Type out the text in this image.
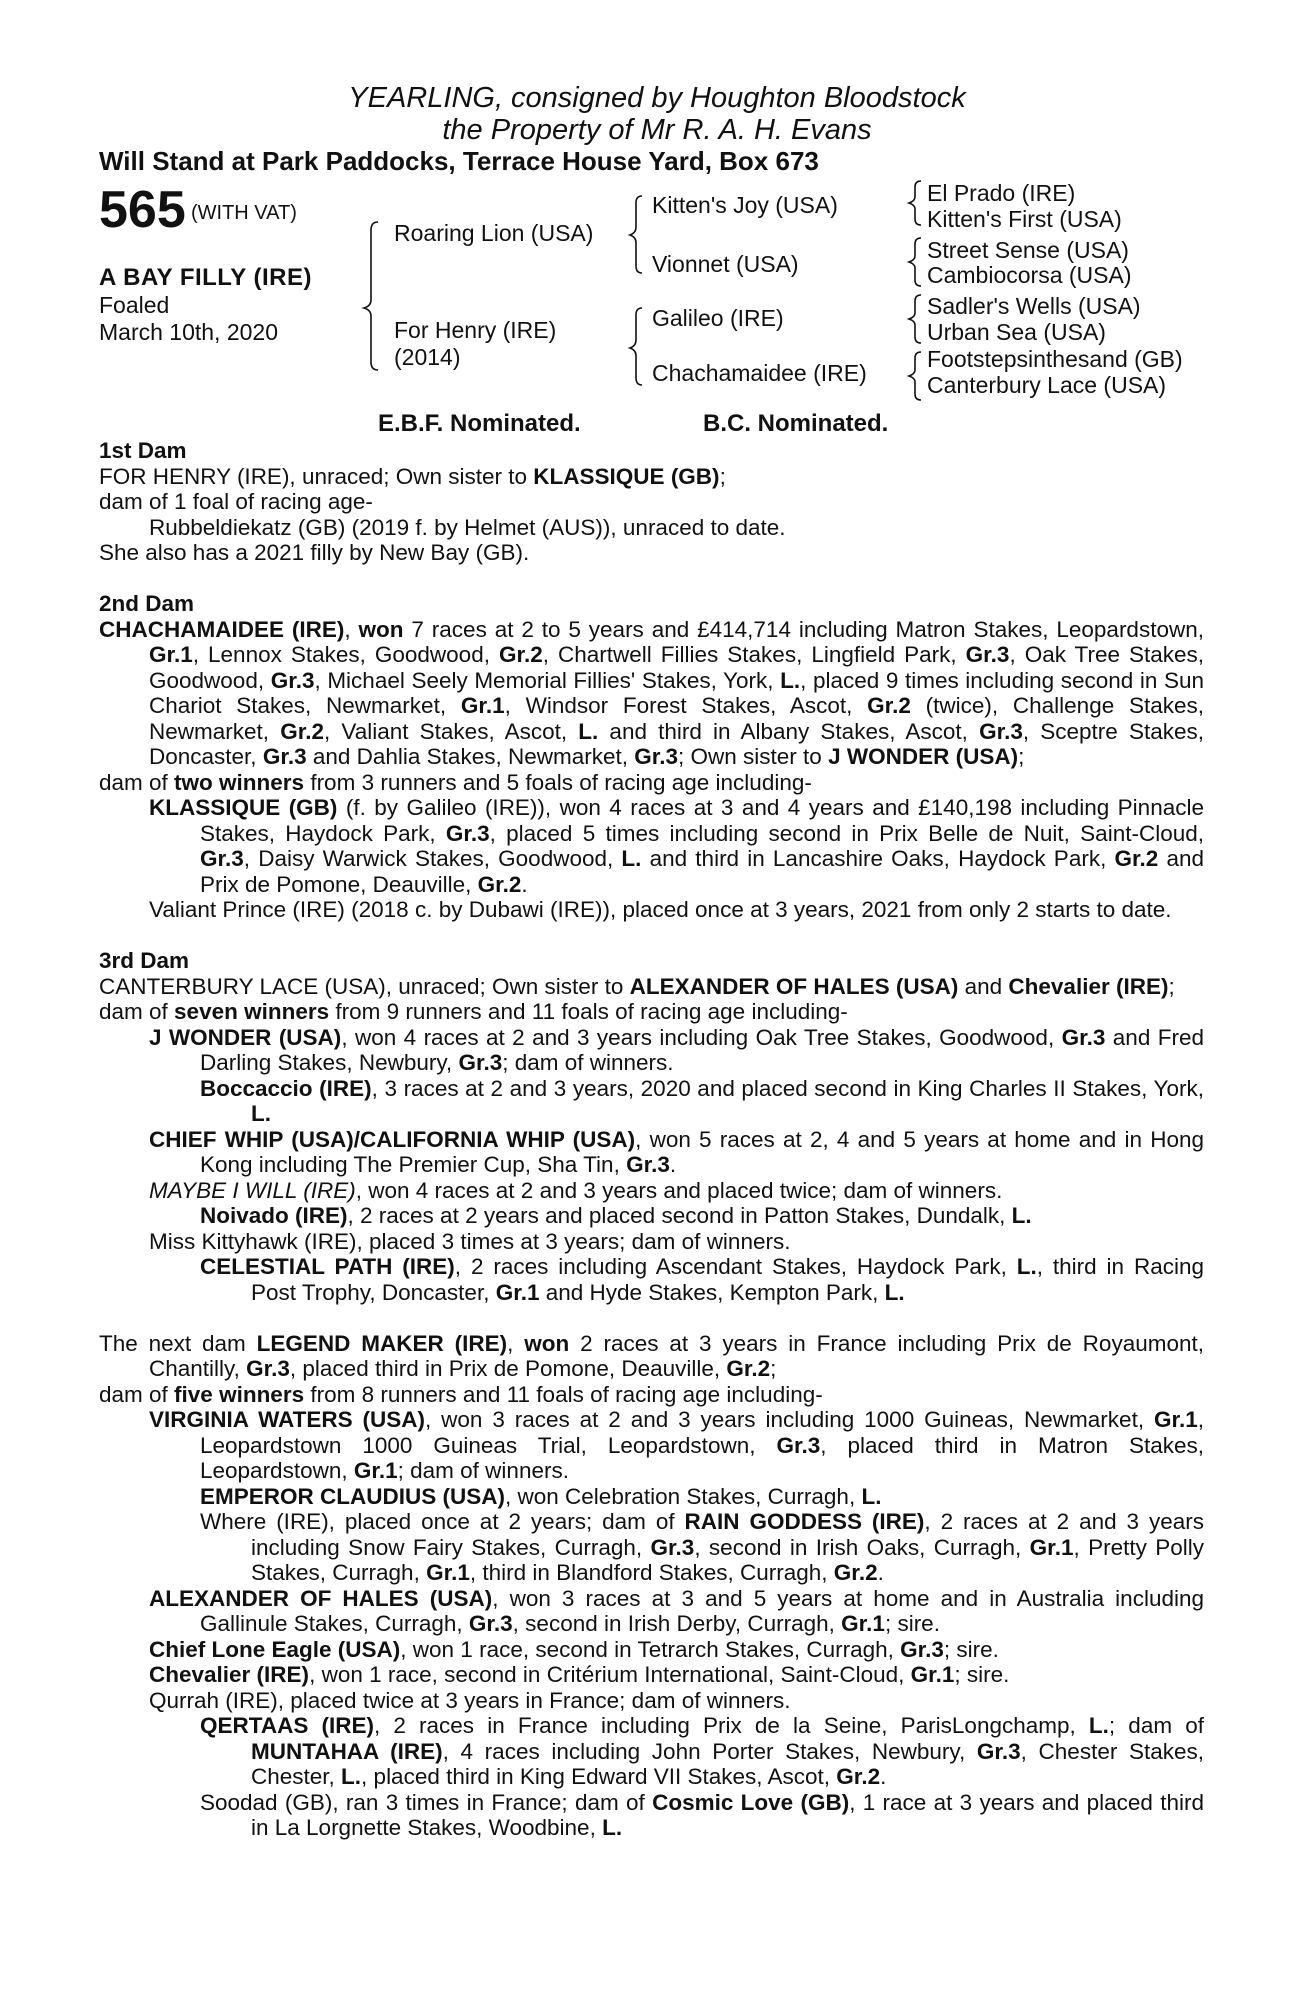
YEARLING, consigned by Houghton Bloodstock
the Property of Mr R. A. H. Evans
Will Stand at Park Paddocks, Terrace House Yard, Box 673
565 (WITH VAT)
A BAY FILLY (IRE)
Foaled
March 10th, 2020
Roaring Lion (USA)
For Henry (IRE)
(2014)
Kitten's Joy (USA)
Vionnet (USA)
Galileo (IRE)
Chachamaidee (IRE)
El Prado (IRE)
Kitten's First (USA)
Street Sense (USA)
Cambiocorsa (USA)
Sadler's Wells (USA)
Urban Sea (USA)
Footstepsinthesand (GB)
Canterbury Lace (USA)
E.B.F. Nominated.	B.C. Nominated.

1st Dam

FOR HENRY (IRE), unraced; Own sister to KLASSIQUE (GB);

dam of 1 foal of racing age-

Rubbeldiekatz (GB) (2019 f. by Helmet (AUS)), unraced to date.

She also has a 2021 filly by New Bay (GB).

2nd Dam

CHACHAMAIDEE (IRE), won 7 races at 2 to 5 years and £414,714 including Matron Stakes, Leopardstown, Gr.1, Lennox Stakes, Goodwood, Gr.2, Chartwell Fillies Stakes, Lingfield Park, Gr.3, Oak Tree Stakes, Goodwood, Gr.3, Michael Seely Memorial Fillies' Stakes, York, L., placed 9 times including second in Sun Chariot Stakes, Newmarket, Gr.1, Windsor Forest Stakes, Ascot, Gr.2 (twice), Challenge Stakes, Newmarket, Gr.2, Valiant Stakes, Ascot, L. and third in Albany Stakes, Ascot, Gr.3, Sceptre Stakes, Doncaster, Gr.3 and Dahlia Stakes, Newmarket, Gr.3; Own sister to J WONDER (USA);

dam of two winners from 3 runners and 5 foals of racing age including-

KLASSIQUE (GB) (f. by Galileo (IRE)), won 4 races at 3 and 4 years and £140,198 including Pinnacle Stakes, Haydock Park, Gr.3, placed 5 times including second in Prix Belle de Nuit, Saint-Cloud, Gr.3, Daisy Warwick Stakes, Goodwood, L. and third in Lancashire Oaks, Haydock Park, Gr.2 and Prix de Pomone, Deauville, Gr.2.

Valiant Prince (IRE) (2018 c. by Dubawi (IRE)), placed once at 3 years, 2021 from only 2 starts to date.

3rd Dam

CANTERBURY LACE (USA), unraced; Own sister to ALEXANDER OF HALES (USA) and Chevalier (IRE);

dam of seven winners from 9 runners and 11 foals of racing age including-

J WONDER (USA), won 4 races at 2 and 3 years including Oak Tree Stakes, Goodwood, Gr.3 and Fred Darling Stakes, Newbury, Gr.3; dam of winners.

Boccaccio (IRE), 3 races at 2 and 3 years, 2020 and placed second in King Charles II Stakes, York, L.

CHIEF WHIP (USA)/CALIFORNIA WHIP (USA), won 5 races at 2, 4 and 5 years at home and in Hong Kong including The Premier Cup, Sha Tin, Gr.3.

MAYBE I WILL (IRE), won 4 races at 2 and 3 years and placed twice; dam of winners.

Noivado (IRE), 2 races at 2 years and placed second in Patton Stakes, Dundalk, L.

Miss Kittyhawk (IRE), placed 3 times at 3 years; dam of winners.

CELESTIAL PATH (IRE), 2 races including Ascendant Stakes, Haydock Park, L., third in Racing Post Trophy, Doncaster, Gr.1 and Hyde Stakes, Kempton Park, L.

The next dam LEGEND MAKER (IRE), won 2 races at 3 years in France including Prix de Royaumont, Chantilly, Gr.3, placed third in Prix de Pomone, Deauville, Gr.2;

dam of five winners from 8 runners and 11 foals of racing age including-

VIRGINIA WATERS (USA), won 3 races at 2 and 3 years including 1000 Guineas, Newmarket, Gr.1, Leopardstown 1000 Guineas Trial, Leopardstown, Gr.3, placed third in Matron Stakes, Leopardstown, Gr.1; dam of winners.

EMPEROR CLAUDIUS (USA), won Celebration Stakes, Curragh, L.

Where (IRE), placed once at 2 years; dam of RAIN GODDESS (IRE), 2 races at 2 and 3 years including Snow Fairy Stakes, Curragh, Gr.3, second in Irish Oaks, Curragh, Gr.1, Pretty Polly Stakes, Curragh, Gr.1, third in Blandford Stakes, Curragh, Gr.2.

ALEXANDER OF HALES (USA), won 3 races at 3 and 5 years at home and in Australia including Gallinule Stakes, Curragh, Gr.3, second in Irish Derby, Curragh, Gr.1; sire.

Chief Lone Eagle (USA), won 1 race, second in Tetrarch Stakes, Curragh, Gr.3; sire.

Chevalier (IRE), won 1 race, second in Critérium International, Saint-Cloud, Gr.1; sire.

Qurrah (IRE), placed twice at 3 years in France; dam of winners.

QERTAAS (IRE), 2 races in France including Prix de la Seine, ParisLongchamp, L.; dam of MUNTAHAA (IRE), 4 races including John Porter Stakes, Newbury, Gr.3, Chester Stakes, Chester, L., placed third in King Edward VII Stakes, Ascot, Gr.2.

Soodad (GB), ran 3 times in France; dam of Cosmic Love (GB), 1 race at 3 years and placed third in La Lorgnette Stakes, Woodbine, L.
